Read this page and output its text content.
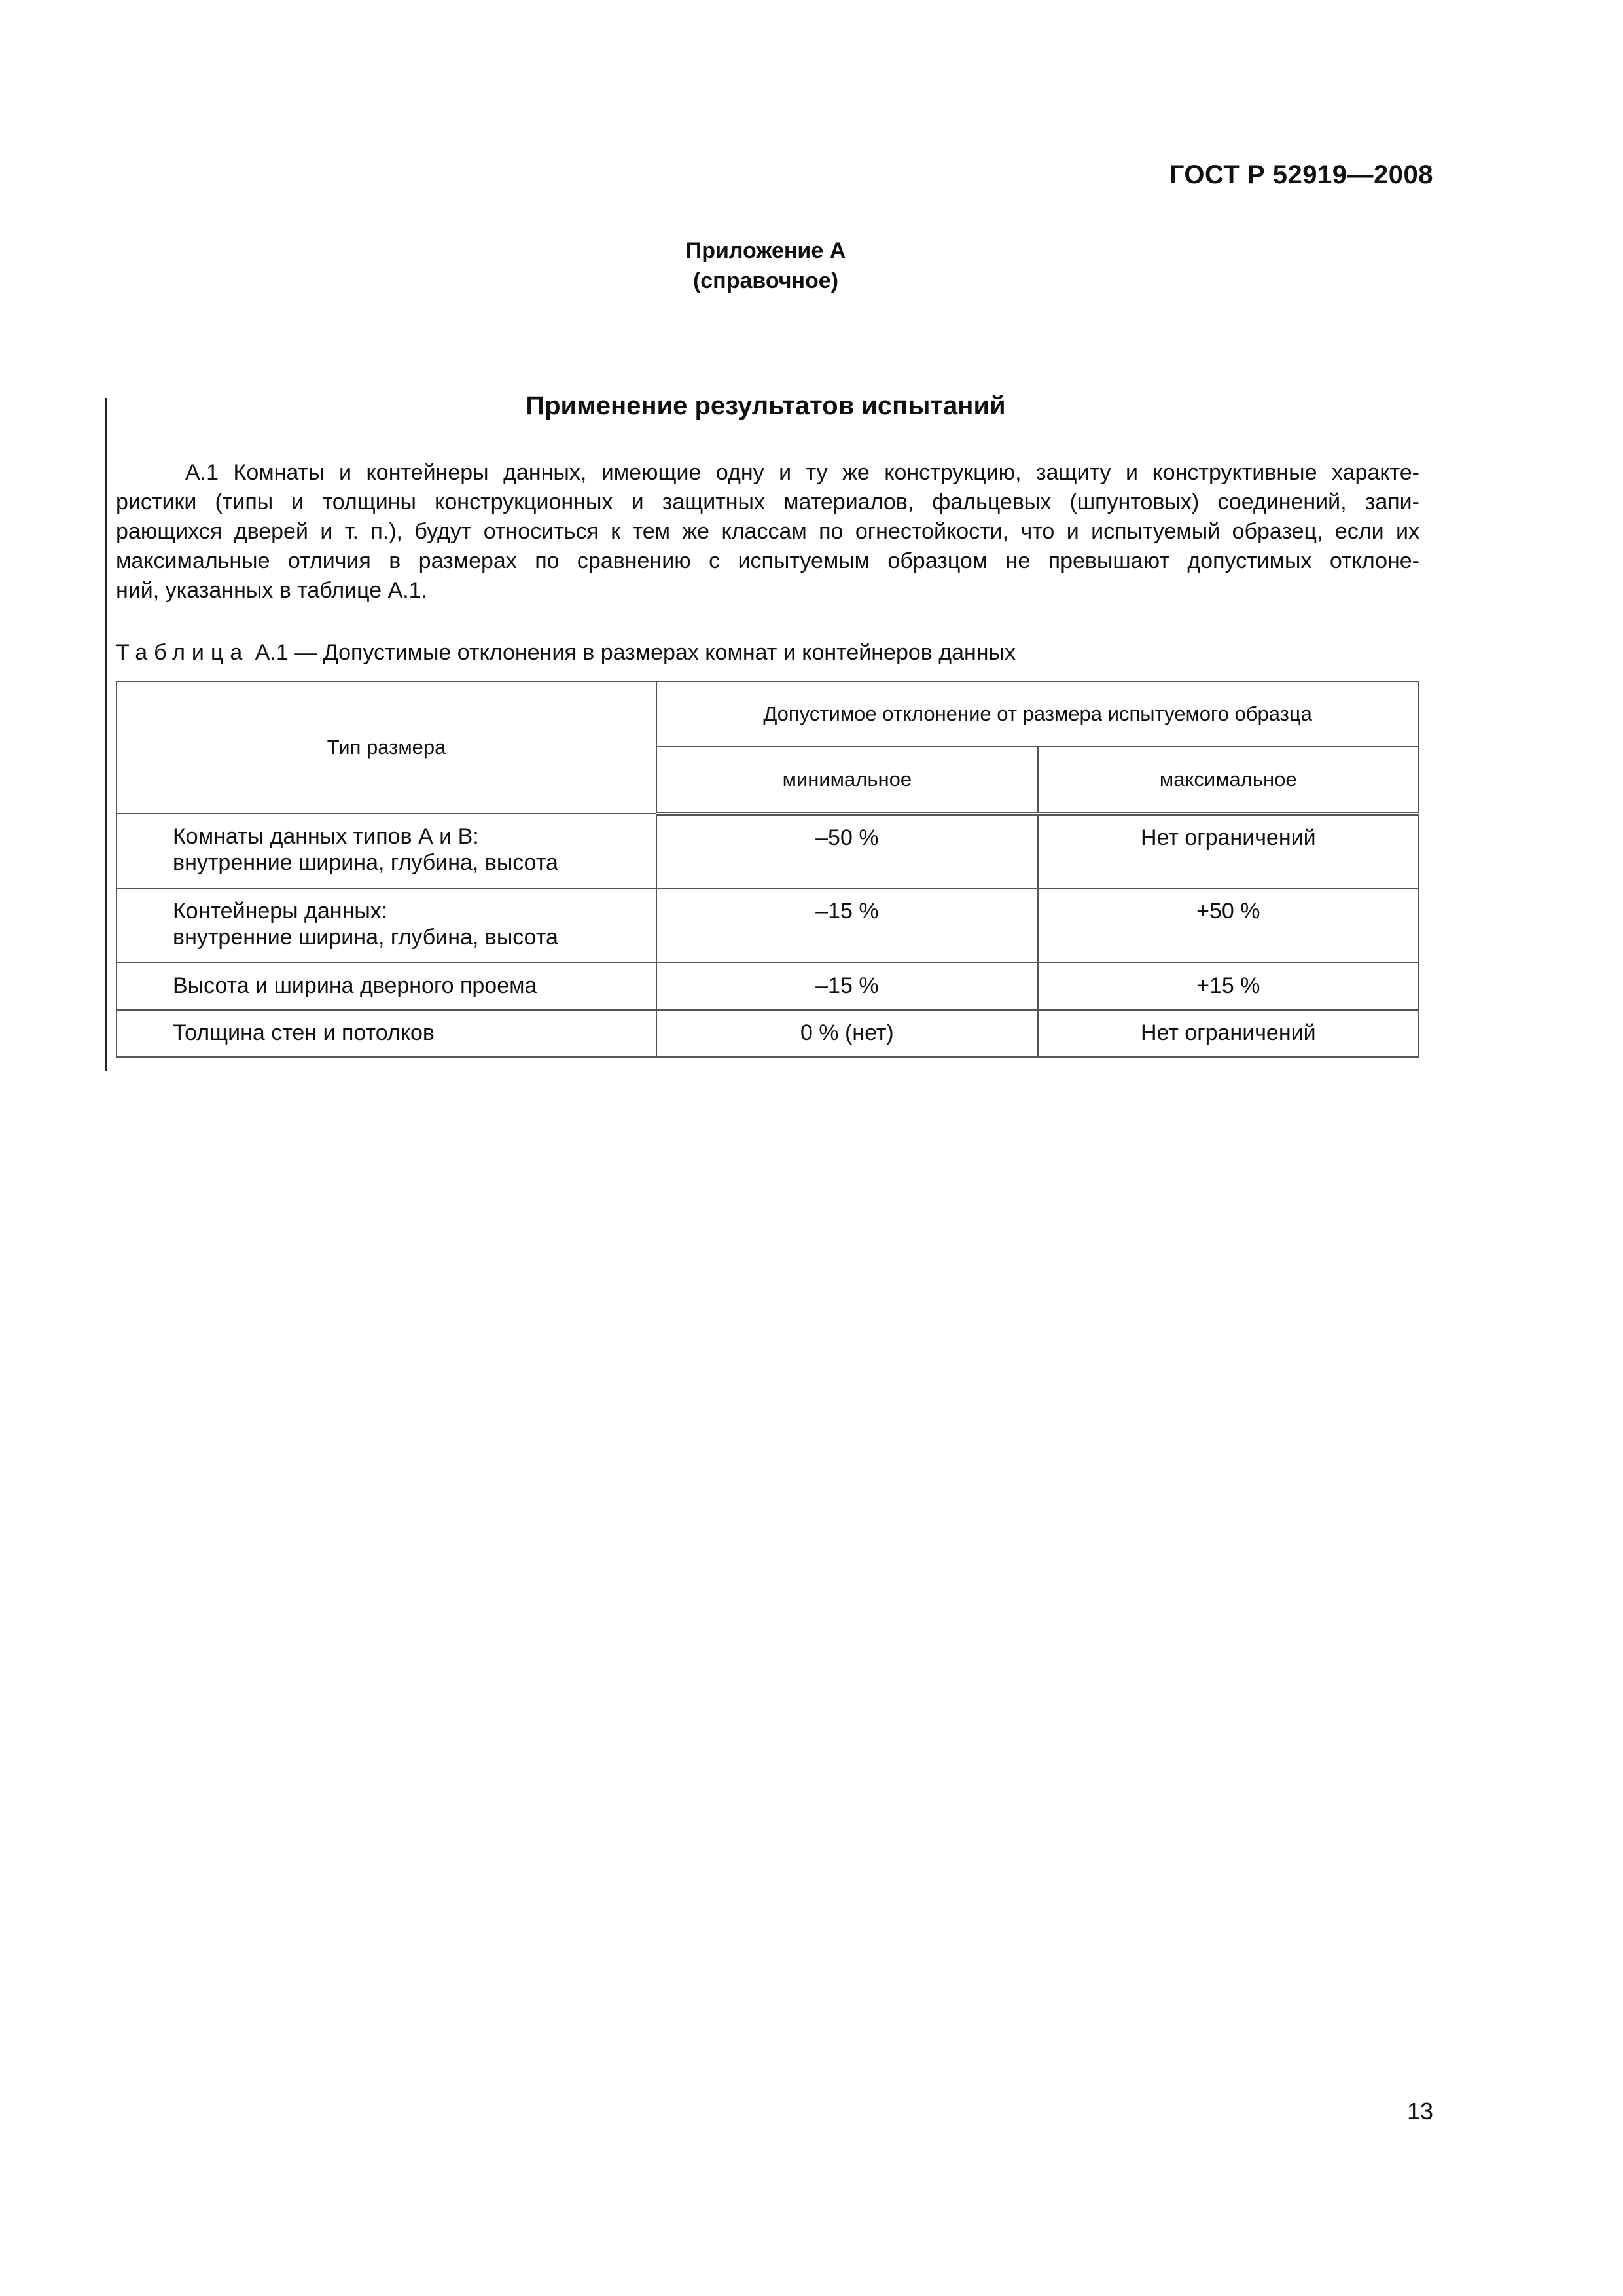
ГОСТ Р 52919—2008
Приложение А
(справочное)
Применение результатов испытаний
А.1 Комнаты и контейнеры данных, имеющие одну и ту же конструкцию, защиту и конструктивные характе-
ристики (типы и толщины конструкционных и защитных материалов, фальцевых (шпунтовых) соединений, запи-
рающихся дверей и т. п.), будут относиться к тем же классам по огнестойкости, что и испытуемый образец, если их
максимальные отличия в размерах по сравнению с испытуемым образцом не превышают допустимых отклоне-
ний, указанных в таблице А.1.
Таблица А.1 — Допустимые отклонения в размерах комнат и контейнеров данных
Тип размера	Допустимое отклонение от размера испытуемого образца	
	минимальное	максимальное

Комнаты данных типов А и В:
внутренние ширина, глубина, высота	–50 %	Нет ограничений

Контейнеры данных:
внутренние ширина, глубина, высота	–15 %	+50 %

Высота и ширина дверного проема	–15 %	+15 %

Толщина стен и потолков	0 % (нет)	Нет ограничений
13
